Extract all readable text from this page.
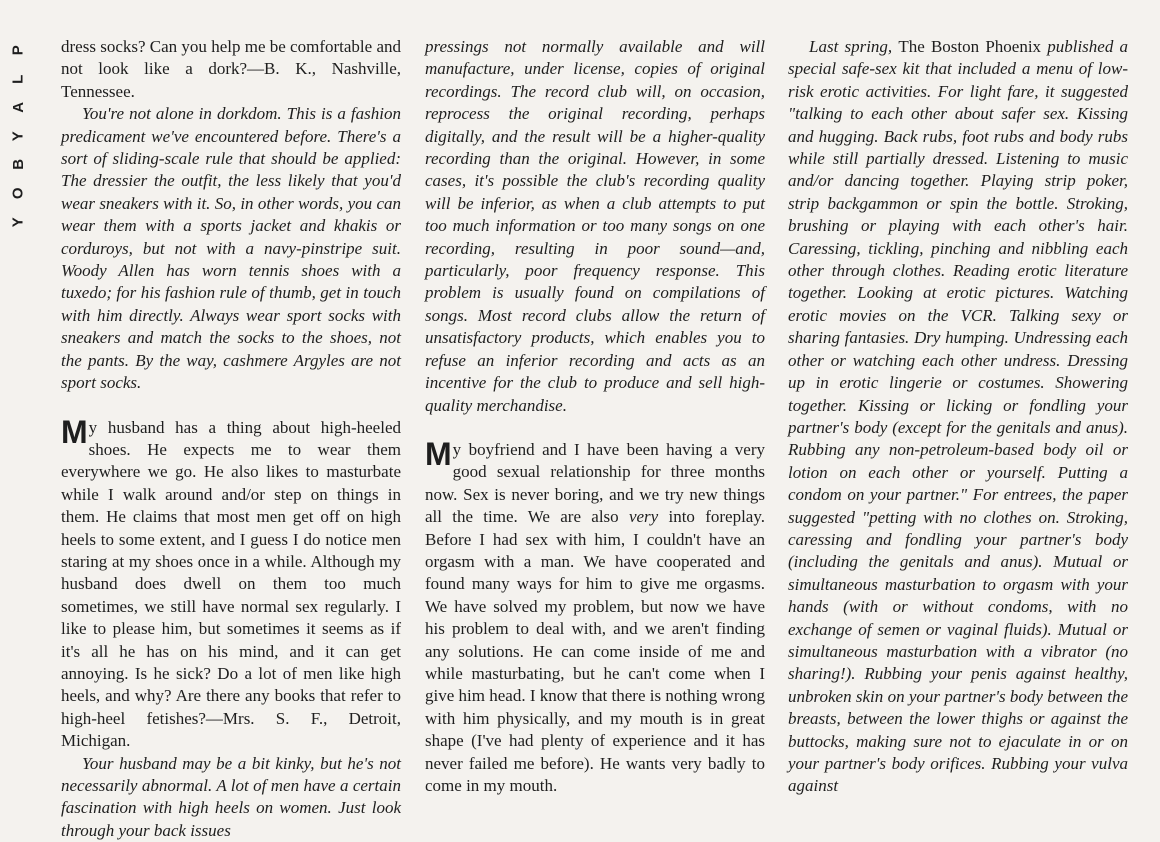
P
L
A
Y
B
O
Y

dress socks? Can you help me be comfortable and not look like a dork?—B. K., Nashville, Tennessee.

You're not alone in dorkdom. This is a fashion predicament we've encountered before. There's a sort of sliding-scale rule that should be applied: The dressier the outfit, the less likely that you'd wear sneakers with it. So, in other words, you can wear them with a sports jacket and khakis or corduroys, but not with a navy-pinstripe suit. Woody Allen has worn tennis shoes with a tuxedo; for his fashion rule of thumb, get in touch with him directly. Always wear sport socks with sneakers and match the socks to the shoes, not the pants. By the way, cashmere Argyles are not sport socks.

My husband has a thing about high-heeled shoes. He expects me to wear them everywhere we go. He also likes to masturbate while I walk around and/or step on things in them. He claims that most men get off on high heels to some extent, and I guess I do notice men staring at my shoes once in a while. Although my husband does dwell on them too much sometimes, we still have normal sex regularly. I like to please him, but sometimes it seems as if it's all he has on his mind, and it can get annoying. Is he sick? Do a lot of men like high heels, and why? Are there any books that refer to high-heel fetishes?—Mrs. S. F., Detroit, Michigan.

Your husband may be a bit kinky, but he's not necessarily abnormal. A lot of men have a certain fascination with high heels on women. Just look through your back issues

pressings not normally available and will manufacture, under license, copies of original recordings. The record club will, on occasion, reprocess the original recording, perhaps digitally, and the result will be a higher-quality recording than the original. However, in some cases, it's possible the club's recording quality will be inferior, as when a club attempts to put too much information or too many songs on one recording, resulting in poor sound—and, particularly, poor frequency response. This problem is usually found on compilations of songs. Most record clubs allow the return of unsatisfactory products, which enables you to refuse an inferior recording and acts as an incentive for the club to produce and sell high-quality merchandise.

My boyfriend and I have been having a very good sexual relationship for three months now. Sex is never boring, and we try new things all the time. We are also very into foreplay. Before I had sex with him, I couldn't have an orgasm with a man. We have cooperated and found many ways for him to give me orgasms. We have solved my problem, but now we have his problem to deal with, and we aren't finding any solutions. He can come inside of me and while masturbating, but he can't come when I give him head. I know that there is nothing wrong with him physically, and my mouth is in great shape (I've had plenty of experience and it has never failed me before). He wants very badly to come in my mouth.

Last spring, The Boston Phoenix published a special safe-sex kit that included a menu of low-risk erotic activities. For light fare, it suggested "talking to each other about safer sex. Kissing and hugging. Back rubs, foot rubs and body rubs while still partially dressed. Listening to music and/or dancing together. Playing strip poker, strip backgammon or spin the bottle. Stroking, brushing or playing with each other's hair. Caressing, tickling, pinching and nibbling each other through clothes. Reading erotic literature together. Looking at erotic pictures. Watching erotic movies on the VCR. Talking sexy or sharing fantasies. Dry humping. Undressing each other or watching each other undress. Dressing up in erotic lingerie or costumes. Showering together. Kissing or licking or fondling your partner's body (except for the genitals and anus). Rubbing any non-petroleum-based body oil or lotion on each other or yourself. Putting a condom on your partner." For entrees, the paper suggested "petting with no clothes on. Stroking, caressing and fondling your partner's body (including the genitals and anus). Mutual or simultaneous masturbation to orgasm with your hands (with or without condoms, with no exchange of semen or vaginal fluids). Mutual or simultaneous masturbation with a vibrator (no sharing!). Rubbing your penis against healthy, unbroken skin on your partner's body between the breasts, between the lower thighs or against the buttocks, making sure not to ejaculate in or on your partner's body orifices. Rubbing your vulva against
